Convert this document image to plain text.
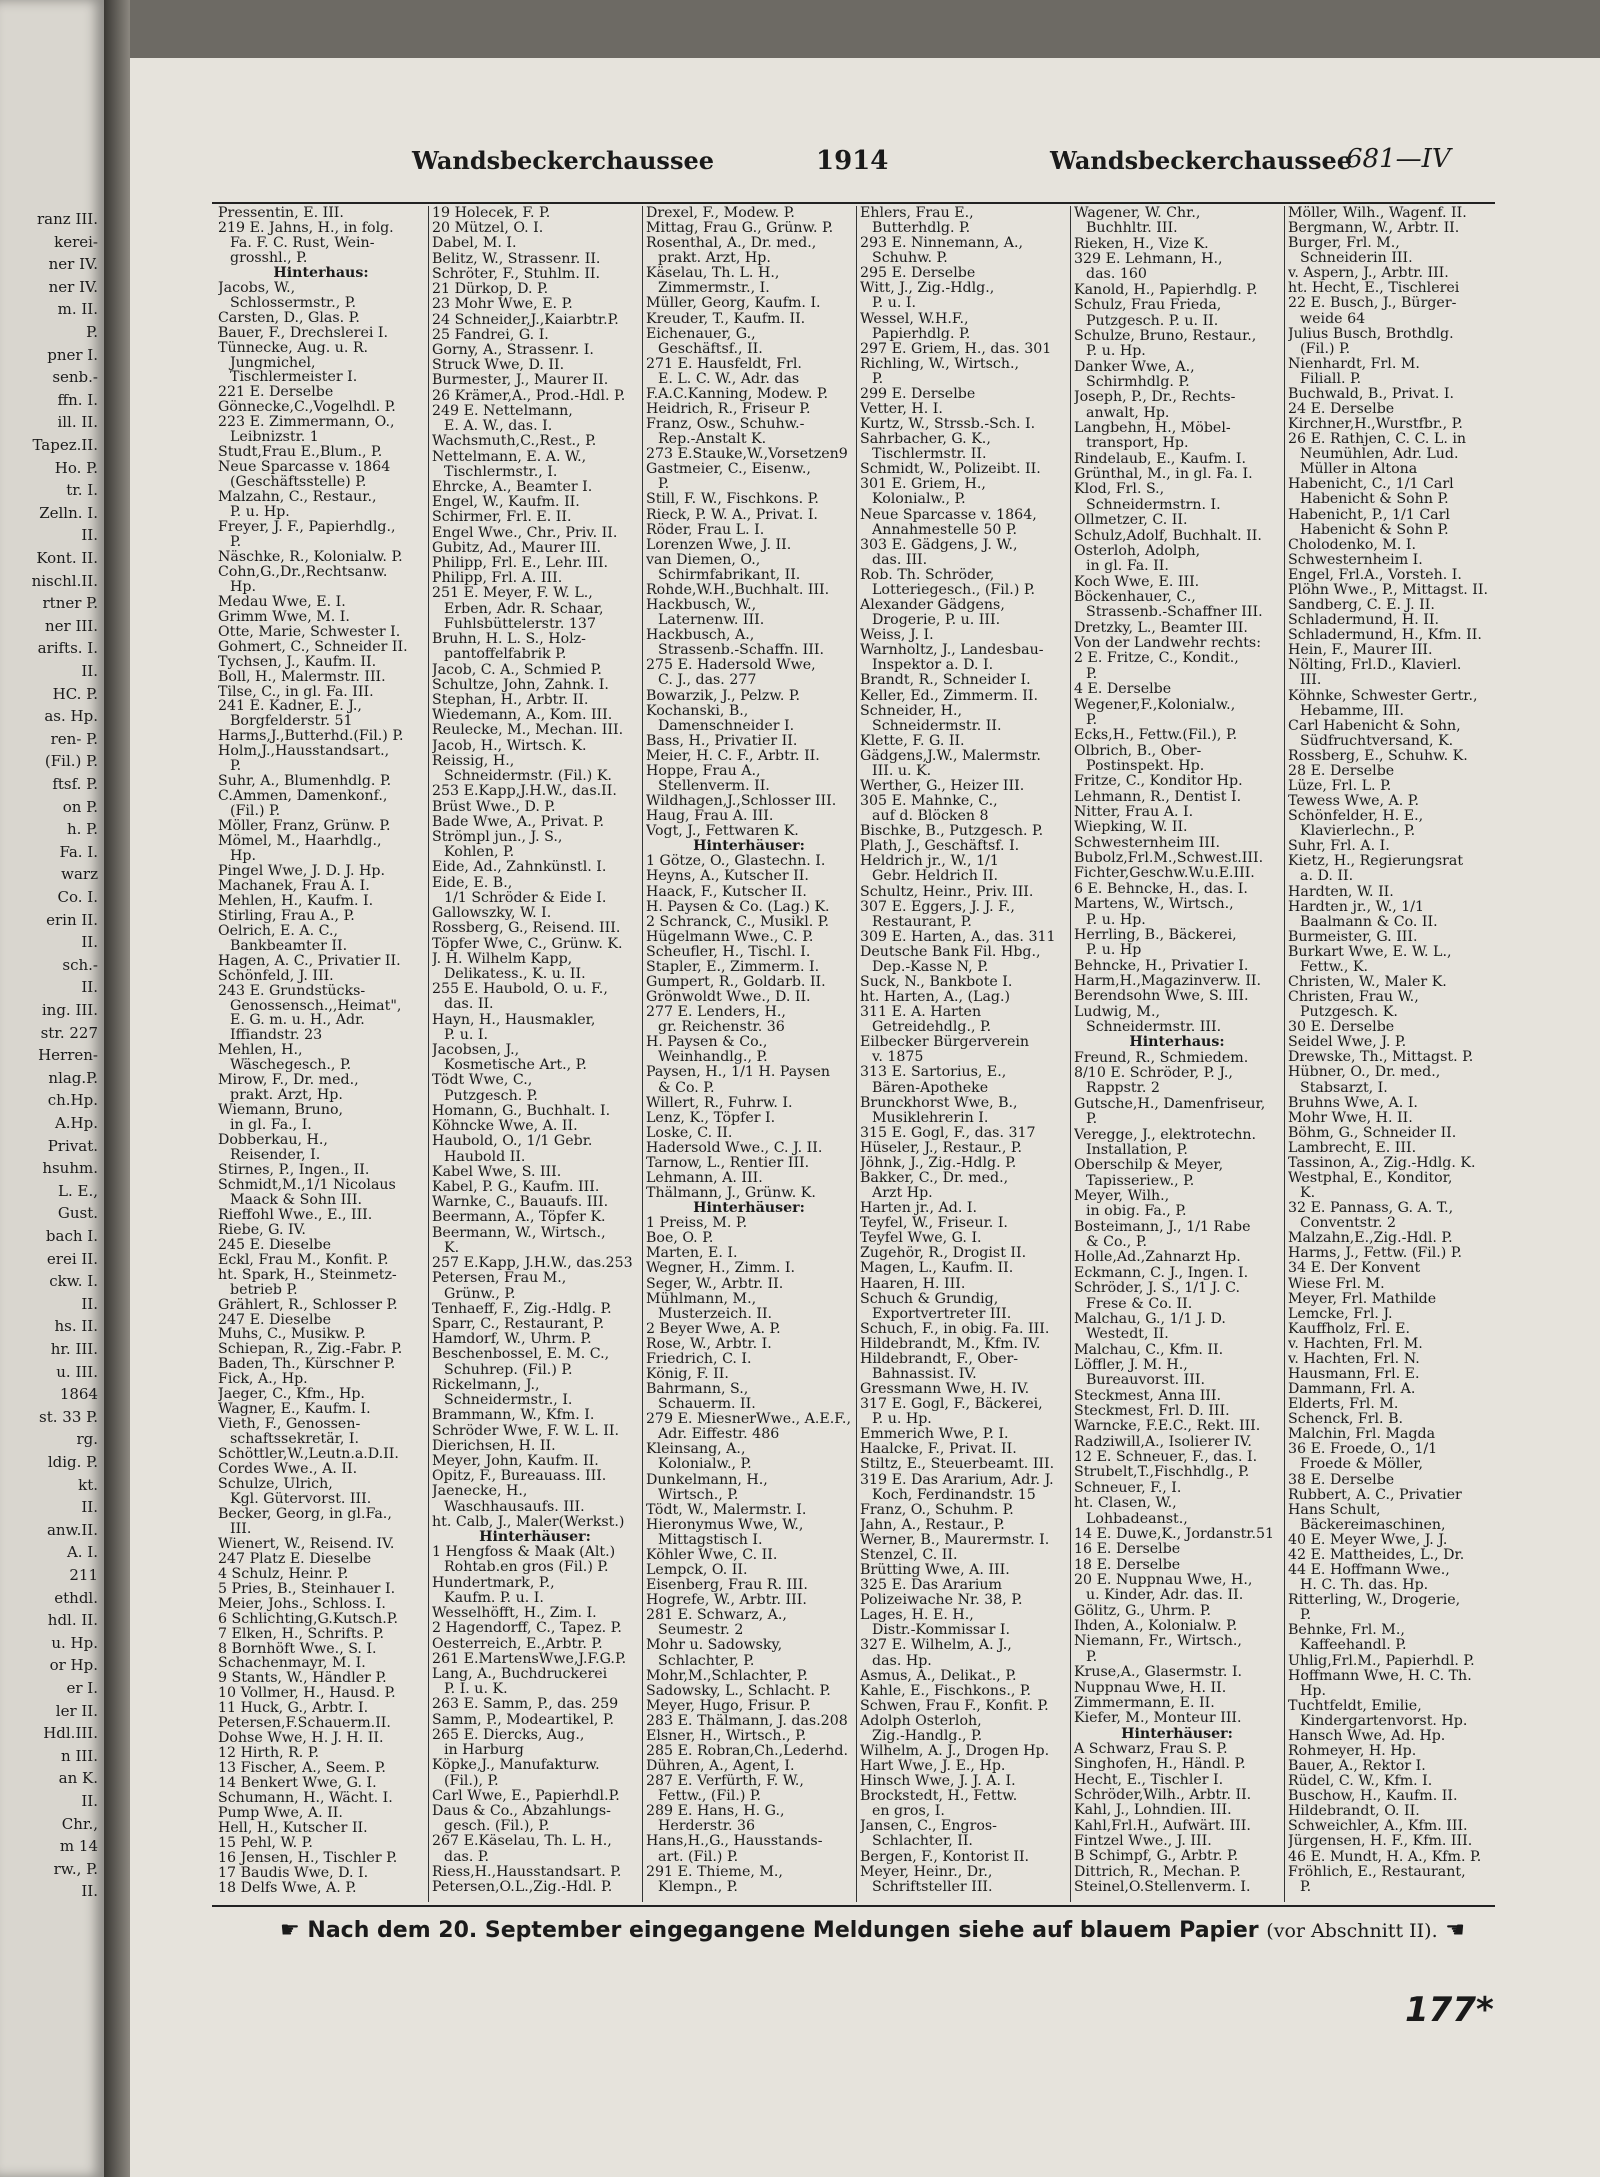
ranz III.
kerei-
ner IV.
ner IV.
m. II.
P.
pner I.
senb.-
ffn. I.
ill. II.
Tapez.II.
Ho. P.
tr. I.
Zelln. I.
II.
Kont. II.
nischl.II.
rtner P.
ner III.
arifts. I.
II.
HC. P.
as. Hp.
ren- P.
(Fil.) P.
ftsf. P.
on P.
h. P.
Fa. I.
warz
Co. I.
erin II.
II.
sch.-
II.
ing. III.
str. 227
Herren-
nlag.P.
ch.Hp.
A.Hp.
Privat.
hsuhm.
L. E.,
Gust.
bach I.
erei II.
ckw. I.
II.
hs. II.
hr. III.
u. III.
1864
st. 33 P.
rg.
ldig. P.
kt.
II.
anw.II.
A. I.
211
ethdl.
hdl. II.
u. Hp.
or Hp.
er I.
ler II.
Hdl.III.
n III.
an K.
II.
Chr.,
m 14
rw., P.
II.
Wandsbeckerchaussee	1914	Wandsbeckerchaussee
681—IV
Pressentin, E. III.
219 E. Jahns, H., in folg.
Fa. F. C. Rust, Wein-
grosshl., P.
Hinterhaus:
Jacobs, W.,
Schlossermstr., P.
Carsten, D., Glas. P.
Bauer, F., Drechslerei I.
Tünnecke, Aug. u. R.
Jungmichel,
Tischlermeister I.
221 E. Derselbe
Gönnecke,C.,Vogelhdl. P.
223 E. Zimmermann, O.,
Leibnizstr. 1
Studt,Frau E.,Blum., P.
Neue Sparcasse v. 1864
(Geschäftsstelle) P.
Malzahn, C., Restaur.,
P. u. Hp.
Freyer, J. F., Papierhdlg.,
P.
Näschke, R., Kolonialw. P.
Cohn,G.,Dr.,Rechtsanw.
Hp.
Medau Wwe, E. I.
Grimm Wwe, M. I.
Otte, Marie, Schwester I.
Gohmert, C., Schneider II.
Tychsen, J., Kaufm. II.
Boll, H., Malermstr. III.
Tilse, C., in gl. Fa. III.
241 E. Kadner, E. J.,
Borgfelderstr. 51
Harms,J.,Butterhd.(Fil.) P.
Holm,J.,Hausstandsart.,
P.
Suhr, A., Blumenhdlg. P.
C.Ammen, Damenkonf.,
(Fil.) P.
Möller, Franz, Grünw. P.
Mömel, M., Haarhdlg.,
Hp.
Pingel Wwe, J. D. J. Hp.
Machanek, Frau A. I.
Mehlen, H., Kaufm. I.
Stirling, Frau A., P.
Oelrich, E. A. C.,
Bankbeamter II.
Hagen, A. C., Privatier II.
Schönfeld, J. III.
243 E. Grundstücks-
Genossensch.,,Heimat",
E. G. m. u. H., Adr.
Iffiandstr. 23
Mehlen, H.,
Wäschegesch., P.
Mirow, F., Dr. med.,
prakt. Arzt, Hp.
Wiemann, Bruno,
in gl. Fa., I.
Dobberkau, H.,
Reisender, I.
Stirnes, P., Ingen., II.
Schmidt,M.,1/1 Nicolaus
Maack & Sohn III.
Rieffohl Wwe., E., III.
Riebe, G. IV.
245 E. Dieselbe
Eckl, Frau M., Konfit. P.
ht. Spark, H., Steinmetz-
betrieb P.
Grählert, R., Schlosser P.
247 E. Dieselbe
Muhs, C., Musikw. P.
Schiepan, R., Zig.-Fabr. P.
Baden, Th., Kürschner P.
Fick, A., Hp.
Jaeger, C., Kfm., Hp.
Wagner, E., Kaufm. I.
Vieth, F., Genossen-
schaftssekretär, I.
Schöttler,W.,Leutn.a.D.II.
Cordes Wwe., A. II.
Schulze, Ulrich,
Kgl. Gütervorst. III.
Becker, Georg, in gl.Fa.,
III.
Wienert, W., Reisend. IV.
247 Platz E. Dieselbe
4 Schulz, Heinr. P.
5 Pries, B., Steinhauer I.
Meier, Johs., Schloss. I.
6 Schlichting,G.Kutsch.P.
7 Elken, H., Schrifts. P.
8 Bornhöft Wwe., S. I.
Schachenmayr, M. I.
9 Stants, W., Händler P.
10 Vollmer, H., Hausd. P.
11 Huck, G., Arbtr. I.
Petersen,F.Schauerm.II.
Dohse Wwe, H. J. H. II.
12 Hirth, R. P.
13 Fischer, A., Seem. P.
14 Benkert Wwe, G. I.
Schumann, H., Wächt. I.
Pump Wwe, A. II.
Hell, H., Kutscher II.
15 Pehl, W. P.
16 Jensen, H., Tischler P.
17 Baudis Wwe, D. I.
18 Delfs Wwe, A. P.
19 Holecek, F. P.
20 Mützel, O. I.
Dabel, M. I.
Belitz, W., Strassenr. II.
Schröter, F., Stuhlm. II.
21 Dürkop, D. P.
23 Mohr Wwe, E. P.
24 Schneider,J.,Kaiarbtr.P.
25 Fandrei, G. I.
Gorny, A., Strassenr. I.
Struck Wwe, D. II.
Burmester, J., Maurer II.
26 Krämer,A., Prod.-Hdl. P.
249 E. Nettelmann,
E. A. W., das. I.
Wachsmuth,C.,Rest., P.
Nettelmann, E. A. W.,
Tischlermstr., I.
Ehrcke, A., Beamter I.
Engel, W., Kaufm. II.
Schirmer, Frl. E. II.
Engel Wwe., Chr., Priv. II.
Gubitz, Ad., Maurer III.
Philipp, Frl. E., Lehr. III.
Philipp, Frl. A. III.
251 E. Meyer, F. W. L.,
Erben, Adr. R. Schaar,
Fuhlsbüttelerstr. 137
Bruhn, H. L. S., Holz-
pantoffelfabrik P.
Jacob, C. A., Schmied P.
Schultze, John, Zahnk. I.
Stephan, H., Arbtr. II.
Wiedemann, A., Kom. III.
Reulecke, M., Mechan. III.
Jacob, H., Wirtsch. K.
Reissig, H.,
Schneidermstr. (Fil.) K.
253 E.Kapp,J.H.W., das.II.
Brüst Wwe., D. P.
Bade Wwe, A., Privat. P.
Strömpl jun., J. S.,
Kohlen, P.
Eide, Ad., Zahnkünstl. I.
Eide, E. B.,
1/1 Schröder & Eide I.
Gallowszky, W. I.
Rossberg, G., Reisend. III.
Töpfer Wwe, C., Grünw. K.
J. H. Wilhelm Kapp,
Delikatess., K. u. II.
255 E. Haubold, O. u. F.,
das. II.
Hayn, H., Hausmakler,
P. u. I.
Jacobsen, J.,
Kosmetische Art., P.
Tödt Wwe, C.,
Putzgesch. P.
Homann, G., Buchhalt. I.
Köhncke Wwe, A. II.
Haubold, O., 1/1 Gebr.
Haubold II.
Kabel Wwe, S. III.
Kabel, P. G., Kaufm. III.
Warnke, C., Bauaufs. III.
Beermann, A., Töpfer K.
Beermann, W., Wirtsch.,
K.
257 E.Kapp, J.H.W., das.253
Petersen, Frau M.,
Grünw., P.
Tenhaeff, F., Zig.-Hdlg. P.
Sparr, C., Restaurant, P.
Hamdorf, W., Uhrm. P.
Beschenbossel, E. M. C.,
Schuhrep. (Fil.) P.
Rickelmann, J.,
Schneidermstr., I.
Brammann, W., Kfm. I.
Schröder Wwe, F. W. L. II.
Dierichsen, H. II.
Meyer, John, Kaufm. II.
Opitz, F., Bureauass. III.
Jaenecke, H.,
Waschhausaufs. III.
ht. Calb, J., Maler(Werkst.)
Hinterhäuser:
1 Hengfoss & Maak (Alt.)
Rohtab.en gros (Fil.) P.
Hundertmark, P.,
Kaufm. P. u. I.
Wesselhöfft, H., Zim. I.
2 Hagendorff, C., Tapez. P.
Oesterreich, E.,Arbtr. P.
261 E.MartensWwe,J.F.G.P.
Lang, A., Buchdruckerei
P. I. u. K.
263 E. Samm, P., das. 259
Samm, P., Modeartikel, P.
265 E. Diercks, Aug.,
in Harburg
Köpke,J., Manufakturw.
(Fil.), P.
Carl Wwe, E., Papierhdl.P.
Daus & Co., Abzahlungs-
gesch. (Fil.), P.
267 E.Käselau, Th. L. H.,
das. P.
Riess,H.,Hausstandsart. P.
Petersen,O.L.,Zig.-Hdl. P.
Drexel, F., Modew. P.
Mittag, Frau G., Grünw. P.
Rosenthal, A., Dr. med.,
prakt. Arzt, Hp.
Käselau, Th. L. H.,
Zimmermstr., I.
Müller, Georg, Kaufm. I.
Kreuder, T., Kaufm. II.
Eichenauer, G.,
Geschäftsf., II.
271 E. Hausfeldt, Frl.
E. L. C. W., Adr. das
F.A.C.Kanning, Modew. P.
Heidrich, R., Friseur P.
Franz, Osw., Schuhw.-
Rep.-Anstalt K.
273 E.Stauke,W.,Vorsetzen9
Gastmeier, C., Eisenw.,
P.
Still, F. W., Fischkons. P.
Rieck, P. W. A., Privat. I.
Röder, Frau L. I.
Lorenzen Wwe, J. II.
van Diemen, O.,
Schirmfabrikant, II.
Rohde,W.H.,Buchhalt. III.
Hackbusch, W.,
Laternenw. III.
Hackbusch, A.,
Strassenb.-Schaffn. III.
275 E. Hadersold Wwe,
C. J., das. 277
Bowarzik, J., Pelzw. P.
Kochanski, B.,
Damenschneider I.
Bass, H., Privatier II.
Meier, H. C. F., Arbtr. II.
Hoppe, Frau A.,
Stellenverm. II.
Wildhagen,J.,Schlosser III.
Haug, Frau A. III.
Vogt, J., Fettwaren K.
Hinterhäuser:
1 Götze, O., Glastechn. I.
Heyns, A., Kutscher II.
Haack, F., Kutscher II.
H. Paysen & Co. (Lag.) K.
2 Schranck, C., Musikl. P.
Hügelmann Wwe., C. P.
Scheufler, H., Tischl. I.
Stapler, E., Zimmerm. I.
Gumpert, R., Goldarb. II.
Grönwoldt Wwe., D. II.
277 E. Lenders, H.,
gr. Reichenstr. 36
H. Paysen & Co.,
Weinhandlg., P.
Paysen, H., 1/1 H. Paysen
& Co. P.
Willert, R., Fuhrw. I.
Lenz, K., Töpfer I.
Loske, C. II.
Hadersold Wwe., C. J. II.
Tarnow, L., Rentier III.
Lehmann, A. III.
Thälmann, J., Grünw. K.
Hinterhäuser:
1 Preiss, M. P.
Boe, O. P.
Marten, E. I.
Wegner, H., Zimm. I.
Seger, W., Arbtr. II.
Mühlmann, M.,
Musterzeich. II.
2 Beyer Wwe, A. P.
Rose, W., Arbtr. I.
Friedrich, C. I.
König, F. II.
Bahrmann, S.,
Schauerm. II.
279 E. MiesnerWwe., A.E.F.,
Adr. Eiffestr. 486
Kleinsang, A.,
Kolonialw., P.
Dunkelmann, H.,
Wirtsch., P.
Tödt, W., Malermstr. I.
Hieronymus Wwe, W.,
Mittagstisch I.
Köhler Wwe, C. II.
Lempck, O. II.
Eisenberg, Frau R. III.
Hogrefe, W., Arbtr. III.
281 E. Schwarz, A.,
Seumestr. 2
Mohr u. Sadowsky,
Schlachter, P.
Mohr,M.,Schlachter, P.
Sadowsky, L., Schlacht. P.
Meyer, Hugo, Frisur. P.
283 E. Thälmann, J. das.208
Elsner, H., Wirtsch., P.
285 E. Robran,Ch.,Lederhd.
Dühren, A., Agent, I.
287 E. Verfürth, F. W.,
Fettw., (Fil.) P.
289 E. Hans, H. G.,
Herderstr. 36
Hans,H.,G., Hausstands-
art. (Fil.) P.
291 E. Thieme, M.,
Klempn., P.
Ehlers, Frau E.,
Butterhdlg. P.
293 E. Ninnemann, A.,
Schuhw. P.
295 E. Derselbe
Witt, J., Zig.-Hdlg.,
P. u. I.
Wessel, W.H.F.,
Papierhdlg. P.
297 E. Griem, H., das. 301
Richling, W., Wirtsch.,
P.
299 E. Derselbe
Vetter, H. I.
Kurtz, W., Strssb.-Sch. I.
Sahrbacher, G. K.,
Tischlermstr. II.
Schmidt, W., Polizeibt. II.
301 E. Griem, H.,
Kolonialw., P.
Neue Sparcasse v. 1864,
Annahmestelle 50 P.
303 E. Gädgens, J. W.,
das. III.
Rob. Th. Schröder,
Lotteriegesch., (Fil.) P.
Alexander Gädgens,
Drogerie, P. u. III.
Weiss, J. I.
Warnholtz, J., Landesbau-
Inspektor a. D. I.
Brandt, R., Schneider I.
Keller, Ed., Zimmerm. II.
Schneider, H.,
Schneidermstr. II.
Klette, F. G. II.
Gädgens,J.W., Malermstr.
III. u. K.
Werther, G., Heizer III.
305 E. Mahnke, C.,
auf d. Blöcken 8
Bischke, B., Putzgesch. P.
Plath, J., Geschäftsf. I.
Heldrich jr., W., 1/1
Gebr. Heldrich II.
Schultz, Heinr., Priv. III.
307 E. Eggers, J. J. F.,
Restaurant, P.
309 E. Harten, A., das. 311
Deutsche Bank Fil. Hbg.,
Dep.-Kasse N, P.
Suck, N., Bankbote I.
ht. Harten, A., (Lag.)
311 E. A. Harten
Getreidehdlg., P.
Eilbecker Bürgerverein
v. 1875
313 E. Sartorius, E.,
Bären-Apotheke
Brunckhorst Wwe, B.,
Musiklehrerin I.
315 E. Gogl, F., das. 317
Hüseler, J., Restaur., P.
Jöhnk, J., Zig.-Hdlg. P.
Bakker, C., Dr. med.,
Arzt Hp.
Harten jr., Ad. I.
Teyfel, W., Friseur. I.
Teyfel Wwe, G. I.
Zugehör, R., Drogist II.
Magen, L., Kaufm. II.
Haaren, H. III.
Schuch & Grundig,
Exportvertreter III.
Schuch, F., in obig. Fa. III.
Hildebrandt, M., Kfm. IV.
Hildebrandt, F., Ober-
Bahnassist. IV.
Gressmann Wwe, H. IV.
317 E. Gogl, F., Bäckerei,
P. u. Hp.
Emmerich Wwe, P. I.
Haalcke, F., Privat. II.
Stiltz, E., Steuerbeamt. III.
319 E. Das Ärarium, Adr. J.
Koch, Ferdinandstr. 15
Franz, O., Schuhm. P.
Jahn, A., Restaur., P.
Werner, B., Maurermstr. I.
Stenzel, C. II.
Brütting Wwe, A. III.
325 E. Das Ärarium
Polizeiwache Nr. 38, P.
Lages, H. E. H.,
Distr.-Kommissar I.
327 E. Wilhelm, A. J.,
das. Hp.
Asmus, A., Delikat., P.
Kahle, E., Fischkons., P.
Schwen, Frau F., Konfit. P.
Adolph Osterloh,
Zig.-Handlg., P.
Wilhelm, A. J., Drogen Hp.
Hart Wwe, J. E., Hp.
Hinsch Wwe, J. J. A. I.
Brockstedt, H., Fettw.
en gros, I.
Jansen, C., Engros-
Schlachter, II.
Bergen, F., Kontorist II.
Meyer, Heinr., Dr.,
Schriftsteller III.
Wagener, W. Chr.,
Buchhltr. III.
Rieken, H., Vize K.
329 E. Lehmann, H.,
das. 160
Kanold, H., Papierhdlg. P.
Schulz, Frau Frieda,
Putzgesch. P. u. II.
Schulze, Bruno, Restaur.,
P. u. Hp.
Danker Wwe, A.,
Schirmhdlg. P.
Joseph, P., Dr., Rechts-
anwalt, Hp.
Langbehn, H., Möbel-
transport, Hp.
Rindelaub, E., Kaufm. I.
Grünthal, M., in gl. Fa. I.
Klod, Frl. S.,
Schneidermstrn. I.
Ollmetzer, C. II.
Schulz,Adolf, Buchhalt. II.
Osterloh, Adolph,
in gl. Fa. II.
Koch Wwe, E. III.
Böckenhauer, C.,
Strassenb.-Schaffner III.
Dretzky, L., Beamter III.
Von der Landwehr rechts:
2 E. Fritze, C., Kondit.,
P.
4 E. Derselbe
Wegener,F.,Kolonialw.,
P.
Ecks,H., Fettw.(Fil.), P.
Olbrich, B., Ober-
Postinspekt. Hp.
Fritze, C., Konditor Hp.
Lehmann, R., Dentist I.
Nitter, Frau A. I.
Wiepking, W. II.
Schwesternheim III.
Bubolz,Frl.M.,Schwest.III.
Fichter,Geschw.W.u.E.III.
6 E. Behncke, H., das. I.
Martens, W., Wirtsch.,
P. u. Hp.
Herrling, B., Bäckerei,
P. u. Hp
Behncke, H., Privatier I.
Harm,H.,Magazinverw. II.
Berendsohn Wwe, S. III.
Ludwig, M.,
Schneidermstr. III.
Hinterhaus:
Freund, R., Schmiedem.
8/10 E. Schröder, P. J.,
Rappstr. 2
Gutsche,H., Damenfriseur,
P.
Veregge, J., elektrotechn.
Installation, P.
Oberschilp & Meyer,
Tapisseriew., P.
Meyer, Wilh.,
in obig. Fa., P.
Bosteimann, J., 1/1 Rabe
& Co., P.
Holle,Ad.,Zahnarzt Hp.
Eckmann, C. J., Ingen. I.
Schröder, J. S., 1/1 J. C.
Frese & Co. II.
Malchau, G., 1/1 J. D.
Westedt, II.
Malchau, C., Kfm. II.
Löffler, J. M. H.,
Bureauvorst. III.
Steckmest, Anna III.
Steckmest, Frl. D. III.
Warncke, F.E.C., Rekt. III.
Radziwill,A., Isolierer IV.
12 E. Schneuer, F., das. I.
Strubelt,T.,Fischhdlg., P.
Schneuer, F., I.
ht. Clasen, W.,
Lohbadeanst.,
14 E. Duwe,K., Jordanstr.51
16 E. Derselbe
18 E. Derselbe
20 E. Nuppnau Wwe, H.,
u. Kinder, Adr. das. II.
Gölitz, G., Uhrm. P.
Ihden, A., Kolonialw. P.
Niemann, Fr., Wirtsch.,
P.
Kruse,A., Glasermstr. I.
Nuppnau Wwe, H. II.
Zimmermann, E. II.
Kiefer, M., Monteur III.
Hinterhäuser:
A Schwarz, Frau S. P.
Singhofen, H., Händl. P.
Hecht, E., Tischler I.
Schröder,Wilh., Arbtr. II.
Kahl, J., Lohndien. III.
Kahl,Frl.H., Aufwärt. III.
Fintzel Wwe., J. III.
B Schimpf, G., Arbtr. P.
Dittrich, R., Mechan. P.
Steinel,O.Stellenverm. I.
Möller, Wilh., Wagenf. II.
Bergmann, W., Arbtr. II.
Burger, Frl. M.,
Schneiderin III.
v. Aspern, J., Arbtr. III.
ht. Hecht, E., Tischlerei
22 E. Busch, J., Bürger-
weide 64
Julius Busch, Brothdlg.
(Fil.) P.
Nienhardt, Frl. M.
Filiall. P.
Buchwald, B., Privat. I.
24 E. Derselbe
Kirchner,H.,Wurstfbr., P.
26 E. Rathjen, C. C. L. in
Neumühlen, Adr. Lud.
Müller in Altona
Habenicht, C., 1/1 Carl
Habenicht & Sohn P.
Habenicht, P., 1/1 Carl
Habenicht & Sohn P.
Cholodenko, M. I.
Schwesternheim I.
Engel, Frl.A., Vorsteh. I.
Plöhn Wwe., P., Mittagst. II.
Sandberg, C. E. J. II.
Schladermund, H. II.
Schladermund, H., Kfm. II.
Hein, F., Maurer III.
Nölting, Frl.D., Klavierl.
III.
Köhnke, Schwester Gertr.,
Hebamme, III.
Carl Habenicht & Sohn,
Südfruchtversand, K.
Rossberg, E., Schuhw. K.
28 E. Derselbe
Lüze, Frl. L. P.
Tewess Wwe, A. P.
Schönfelder, H. E.,
Klavierlechn., P.
Suhr, Frl. A. I.
Kietz, H., Regierungsrat
a. D. II.
Hardten, W. II.
Hardten jr., W., 1/1
Baalmann & Co. II.
Burmeister, G. III.
Burkart Wwe, E. W. L.,
Fettw., K.
Christen, W., Maler K.
Christen, Frau W.,
Putzgesch. K.
30 E. Derselbe
Seidel Wwe, J. P.
Drewske, Th., Mittagst. P.
Hübner, O., Dr. med.,
Stabsarzt, I.
Bruhns Wwe, A. I.
Mohr Wwe, H. II.
Böhm, G., Schneider II.
Lambrecht, E. III.
Tassinon, A., Zig.-Hdlg. K.
Westphal, E., Konditor,
K.
32 E. Pannass, G. A. T.,
Conventstr. 2
Malzahn,E.,Zig.-Hdl. P.
Harms, J., Fettw. (Fil.) P.
34 E. Der Konvent
Wiese Frl. M.
Meyer, Frl. Mathilde
Lemcke, Frl. J.
Kauffholz, Frl. E.
v. Hachten, Frl. M.
v. Hachten, Frl. N.
Hausmann, Frl. E.
Dammann, Frl. A.
Elderts, Frl. M.
Schenck, Frl. B.
Malchin, Frl. Magda
36 E. Froede, O., 1/1
Froede & Möller,
38 E. Derselbe
Rubbert, A. C., Privatier
Hans Schult,
Bäckereimaschinen,
40 E. Meyer Wwe, J. J.
42 E. Mattheides, L., Dr.
44 E. Hoffmann Wwe.,
H. C. Th. das. Hp.
Ritterling, W., Drogerie,
P.
Behnke, Frl. M.,
Kaffeehandl. P.
Uhlig,Frl.M., Papierhdl. P.
Hoffmann Wwe, H. C. Th.
Hp.
Tuchtfeldt, Emilie,
Kindergartenvorst. Hp.
Hansch Wwe, Ad. Hp.
Rohmeyer, H. Hp.
Bauer, A., Rektor I.
Rüdel, C. W., Kfm. I.
Buschow, H., Kaufm. II.
Hildebrandt, O. II.
Schweichler, A., Kfm. III.
Jürgensen, H. F., Kfm. III.
46 E. Mundt, H. A., Kfm. P.
Fröhlich, E., Restaurant,
P.
☛ Nach dem 20. September eingegangene Meldungen siehe auf blauem Papier (vor Abschnitt II). ☚
177*
